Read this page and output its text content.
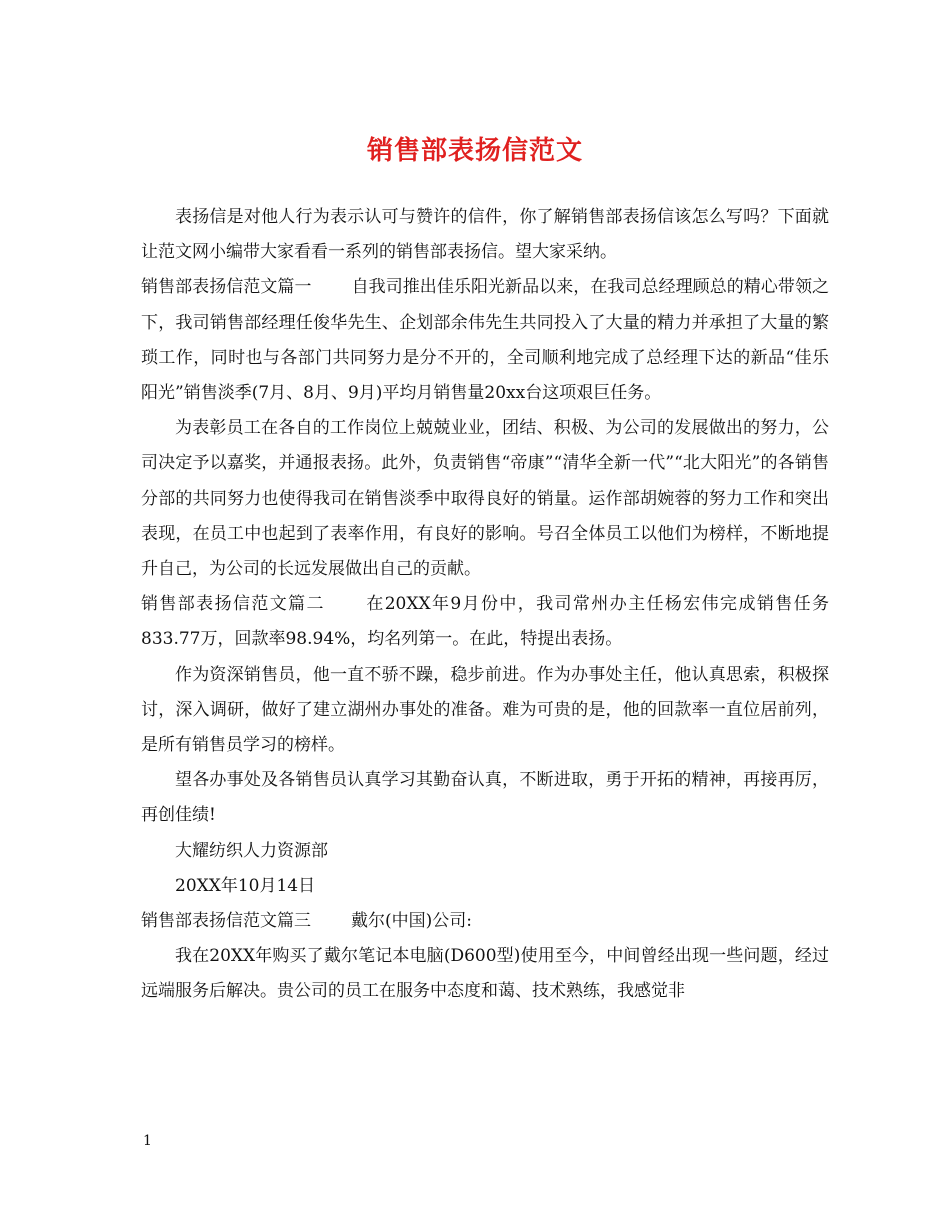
销售部表扬信范文

表扬信是对他人行为表示认可与赞许的信件，你了解销售部表扬信该怎么写吗？下面就让范文网小编带大家看看一系列的销售部表扬信。望大家采纳。

销售部表扬信范文篇一 自我司推出佳乐阳光新品以来，在我司总经理顾总的精心带领之下，我司销售部经理任俊华先生、企划部余伟先生共同投入了大量的精力并承担了大量的繁琐工作，同时也与各部门共同努力是分不开的，全司顺利地完成了总经理下达的新品“佳乐阳光”销售淡季(7月、8月、9月)平均月销售量20xx台这项艰巨任务。

为表彰员工在各自的工作岗位上兢兢业业，团结、积极、为公司的发展做出的努力，公司决定予以嘉奖，并通报表扬。此外，负责销售“帝康”“清华全新一代”“北大阳光”的各销售分部的共同努力也使得我司在销售淡季中取得良好的销量。运作部胡婉蓉的努力工作和突出表现，在员工中也起到了表率作用，有良好的影响。号召全体员工以他们为榜样，不断地提升自己，为公司的长远发展做出自己的贡献。

销售部表扬信范文篇二 在20XX年9月份中，我司常州办主任杨宏伟完成销售任务833.77万，回款率98.94%，均名列第一。在此，特提出表扬。

作为资深销售员，他一直不骄不躁，稳步前进。作为办事处主任，他认真思索，积极探讨，深入调研，做好了建立湖州办事处的准备。难为可贵的是，他的回款率一直位居前列，是所有销售员学习的榜样。

望各办事处及各销售员认真学习其勤奋认真，不断进取，勇于开拓的精神，再接再厉，再创佳绩!

大耀纺织人力资源部

20XX年10月14日

销售部表扬信范文篇三 戴尔(中国)公司:

我在20XX年购买了戴尔笔记本电脑(D600型)使用至今，中间曾经出现一些问题，经过远端服务后解决。贵公司的员工在服务中态度和蔼、技术熟练，我感觉非

1
